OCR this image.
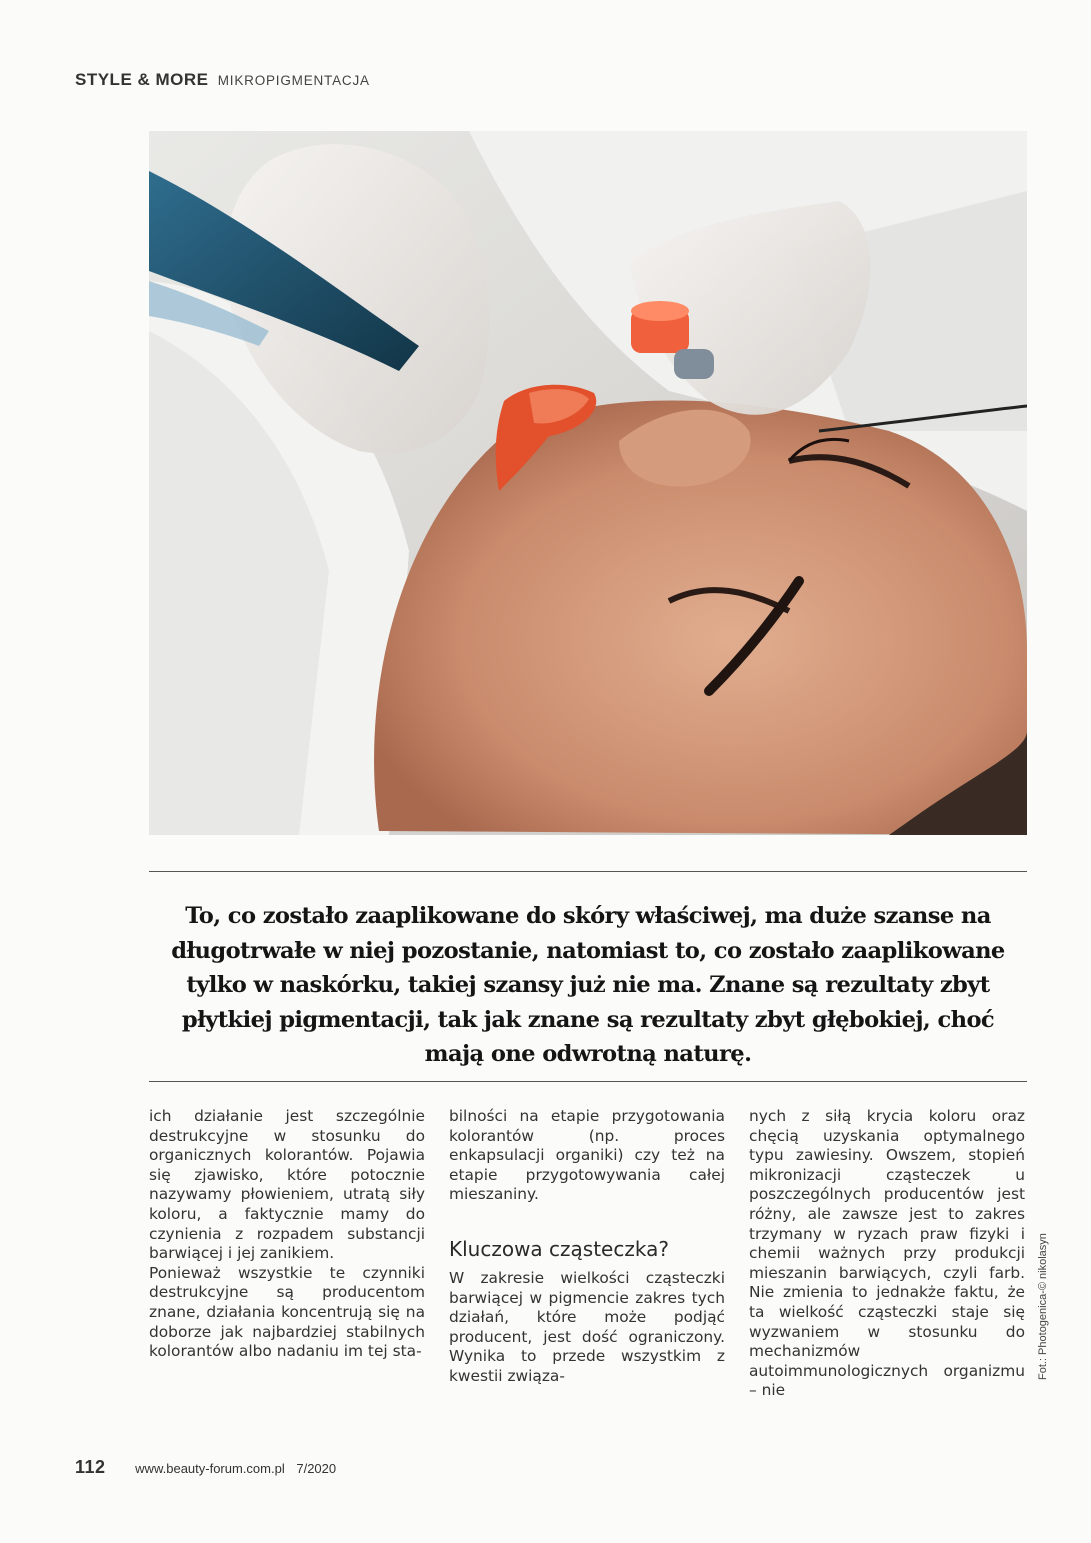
STYLE & MORE MIKROPIGMENTACJA

To, co zostało zaaplikowane do skóry właściwej, ma duże szanse na długotrwałe w niej pozostanie, natomiast to, co zostało zaaplikowane tylko w naskórku, takiej szansy już nie ma. Znane są rezultaty zbyt płytkiej pigmentacji, tak jak znane są rezultaty zbyt głębokiej, choć mają one odwrotną naturę.

ich działanie jest szczególnie destrukcyjne w stosunku do organicznych kolorantów. Pojawia się zjawisko, które potocznie nazywamy płowieniem, utratą siły koloru, a faktycznie mamy do czynienia z rozpadem substancji barwiącej i jej zanikiem.

Ponieważ wszystkie te czynniki destrukcyjne są producentom znane, działania koncentrują się na doborze jak najbardziej stabilnych kolorantów albo nadaniu im tej sta-

bilności na etapie przygotowania kolorantów (np. proces enkapsulacji organiki) czy też na etapie przygotowywania całej mieszaniny.

Kluczowa cząsteczka?

W zakresie wielkości cząsteczki barwiącej w pigmencie zakres tych działań, które może podjąć producent, jest dość ograniczony. Wynika to przede wszystkim z kwestii związa-

nych z siłą krycia koloru oraz chęcią uzyskania optymalnego typu zawiesiny. Owszem, stopień mikronizacji cząsteczek u poszczególnych producentów jest różny, ale zawsze jest to zakres trzymany w ryzach praw fizyki i chemii ważnych przy produkcji mieszanin barwiących, czyli farb. Nie zmienia to jednakże faktu, że ta wielkość cząsteczki staje się wyzwaniem w stosunku do mechanizmów autoimmunologicznych organizmu – nie

Fot.: Photogenica-© nikolasyn
112 www.beauty-forum.com.pl 7/2020
